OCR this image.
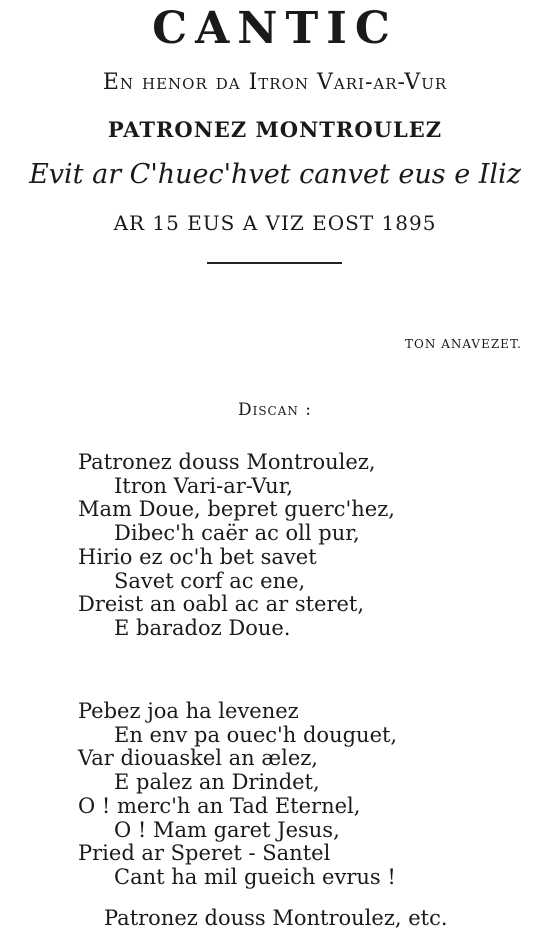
CANTIC
En henor da Itron Vari-ar-Vur
PATRONEZ MONTROULEZ
Evit ar C'huec'hvet canvet eus e Iliz
AR 15 EUS A VIZ EOST 1895
TON ANAVEZET.
Discan :
Patronez douss Montroulez,
Itron Vari-ar-Vur,
Mam Doue, bepret guerc'hez,
Dibec'h caër ac oll pur,
Hirio ez oc'h bet savet
Savet corf ac ene,
Dreist an oabl ac ar steret,
E baradoz Doue.
Pebez joa ha levenez
En env pa ouec'h douguet,
Var diouaskel an ælez,
E palez an Drindet,
O ! merc'h an Tad Eternel,
O ! Mam garet Jesus,
Pried ar Speret - Santel
Cant ha mil gueich evrus !
Patronez douss Montroulez, etc.
